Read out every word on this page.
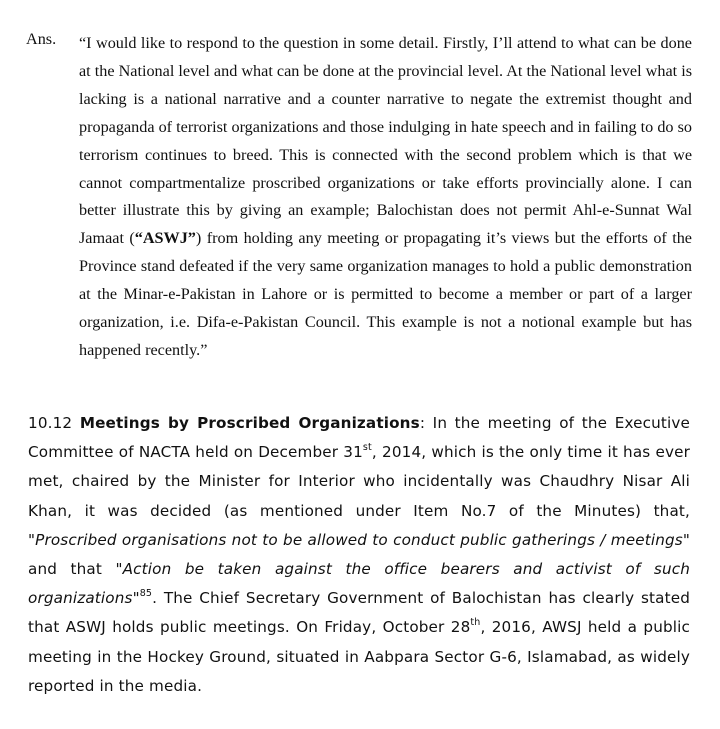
Ans. “I would like to respond to the question in some detail. Firstly, I’ll attend to what can be done at the National level and what can be done at the provincial level. At the National level what is lacking is a national narrative and a counter narrative to negate the extremist thought and propaganda of terrorist organizations and those indulging in hate speech and in failing to do so terrorism continues to breed. This is connected with the second problem which is that we cannot compartmentalize proscribed organizations or take efforts provincially alone. I can better illustrate this by giving an example; Balochistan does not permit Ahl-e-Sunnat Wal Jamaat (“ASWJ”) from holding any meeting or propagating it’s views but the efforts of the Province stand defeated if the very same organization manages to hold a public demonstration at the Minar-e-Pakistan in Lahore or is permitted to become a member or part of a larger organization, i.e. Difa-e-Pakistan Council. This example is not a notional example but has happened recently.”
10.12 Meetings by Proscribed Organizations: In the meeting of the Executive Committee of NACTA held on December 31st, 2014, which is the only time it has ever met, chaired by the Minister for Interior who incidentally was Chaudhry Nisar Ali Khan, it was decided (as mentioned under Item No.7 of the Minutes) that, "Proscribed organisations not to be allowed to conduct public gatherings / meetings" and that "Action be taken against the office bearers and activist of such organizations"$^{85}$. The Chief Secretary Government of Balochistan has clearly stated that ASWJ holds public meetings. On Friday, October 28th, 2016, AWSJ held a public meeting in the Hockey Ground, situated in Aabpara Sector G-6, Islamabad, as widely reported in the media.
